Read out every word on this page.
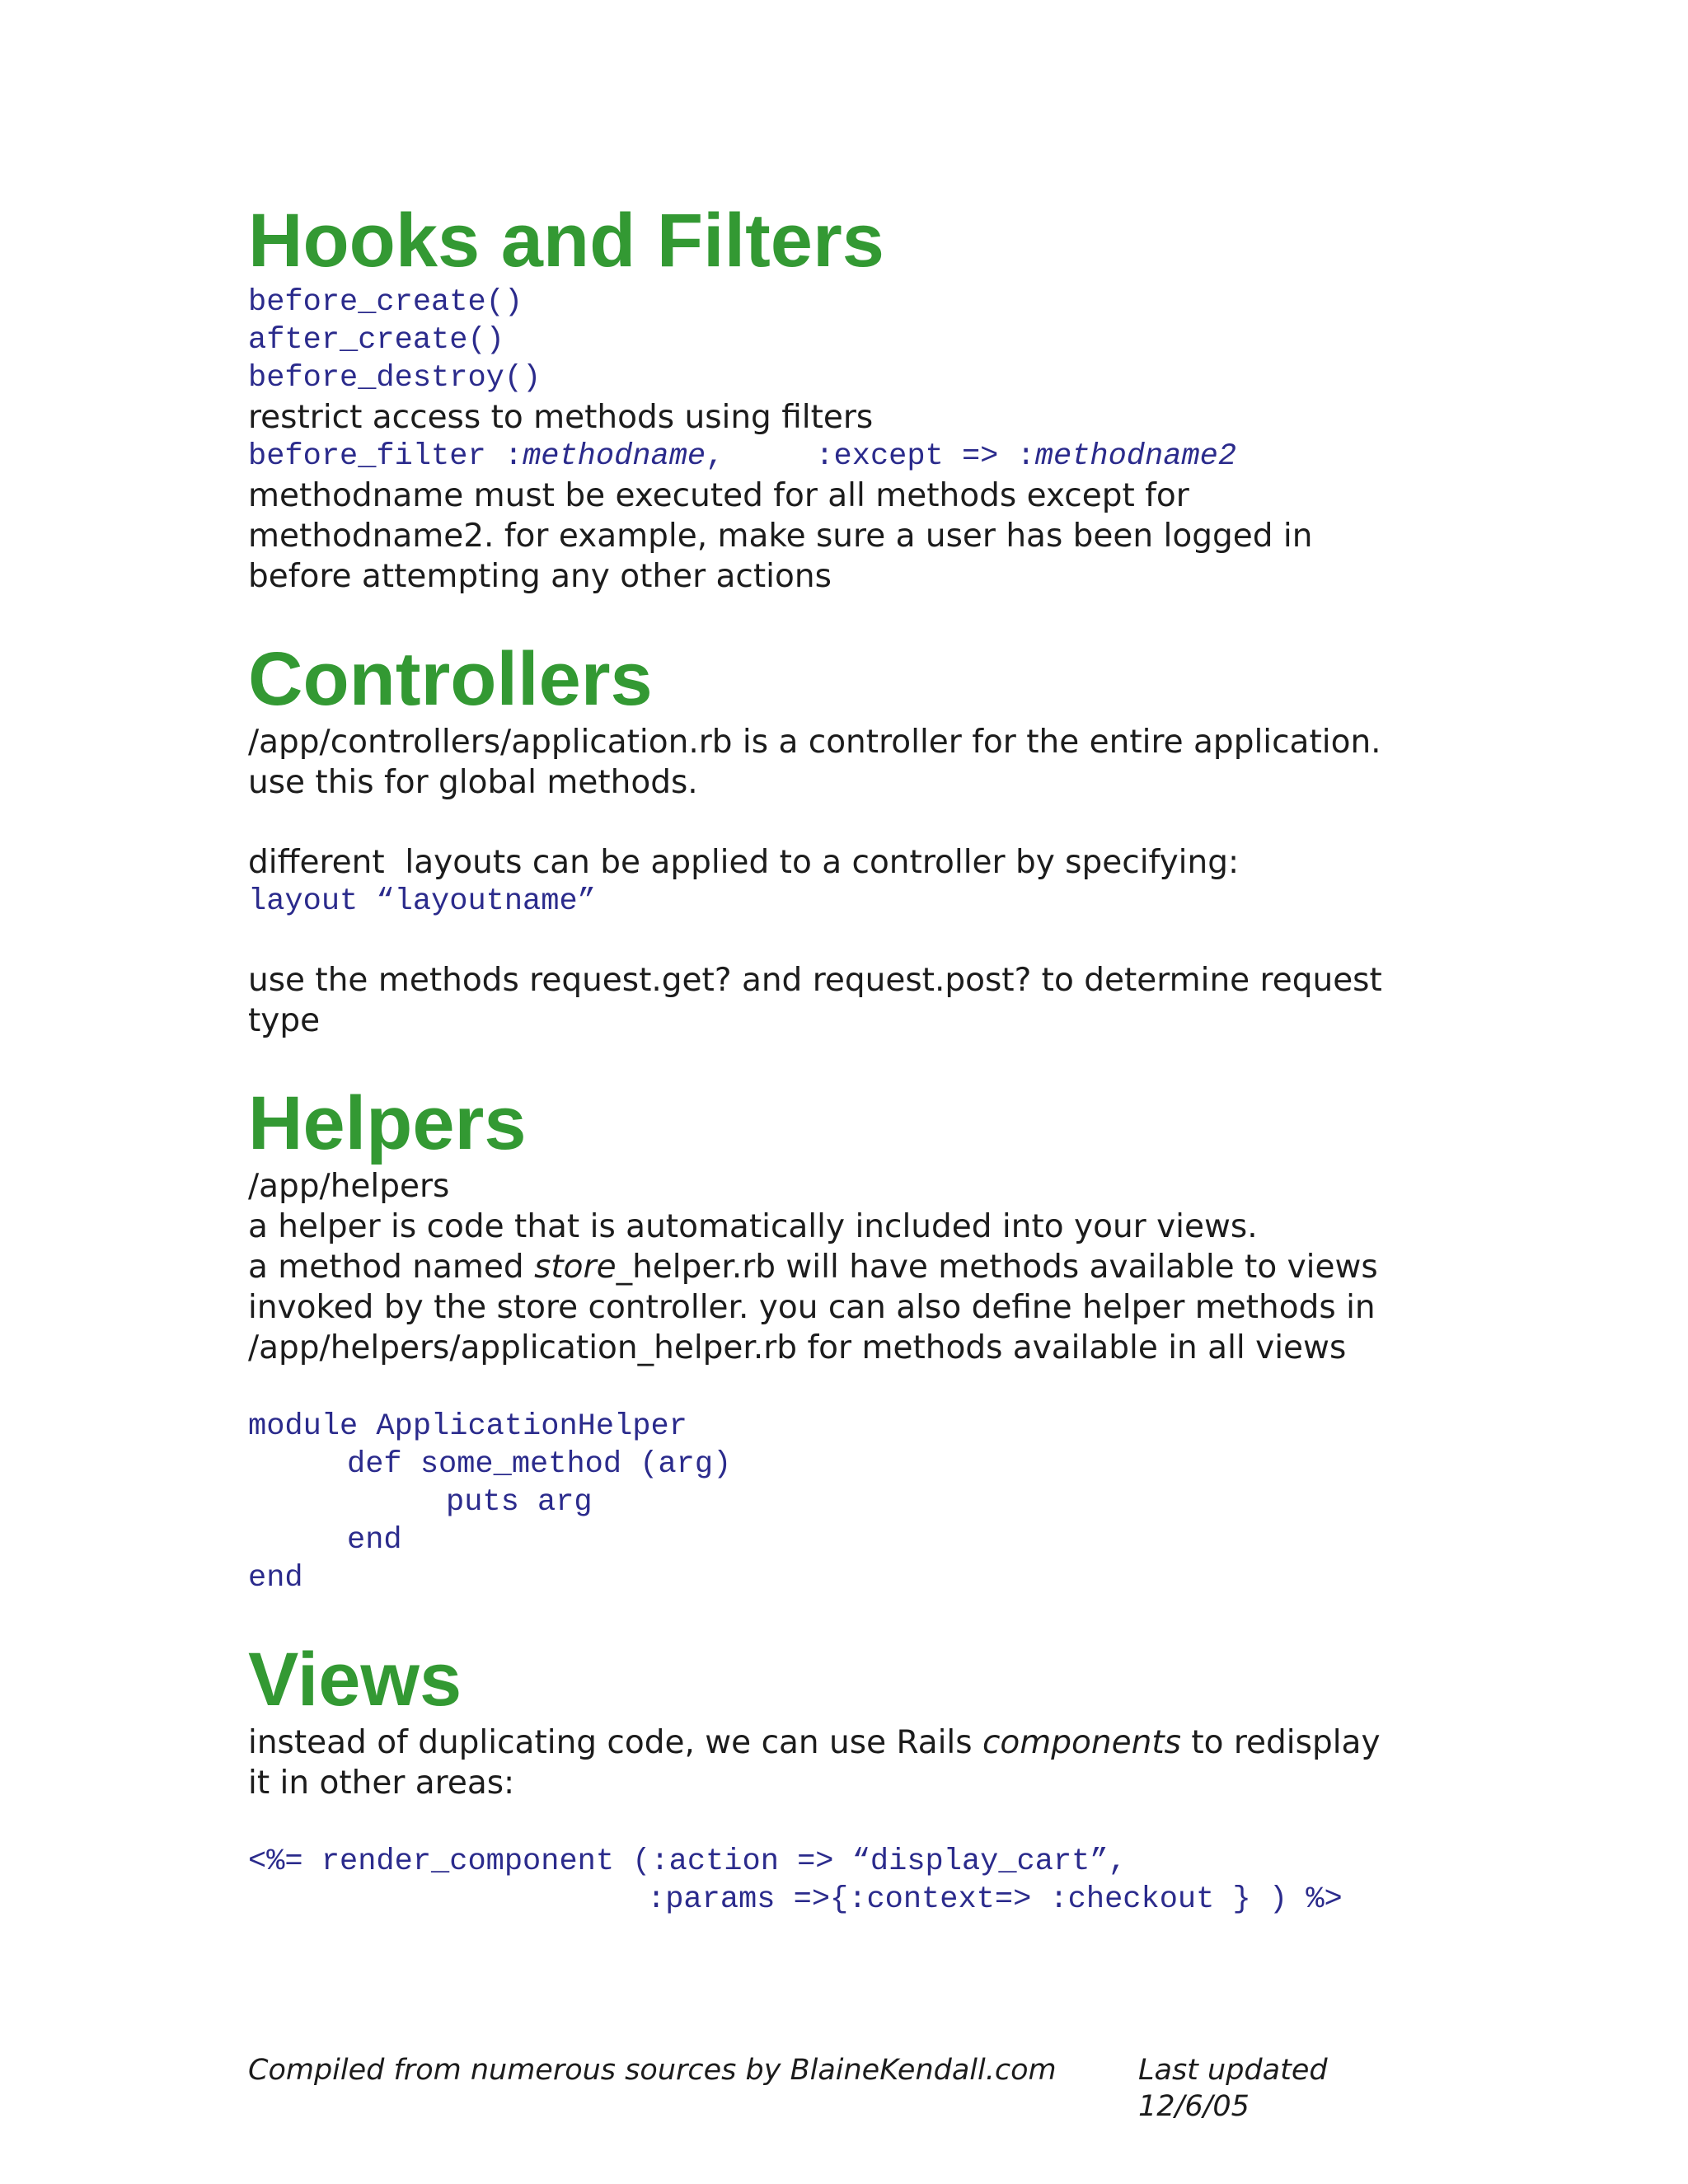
Hooks and Filters
before_create()
after_create()
before_destroy()

restrict access to methods using filters

before_filter :methodname,     :except => :methodname2

methodname must be executed for all methods except for

methodname2. for example, make sure a user has been logged in

before attempting any other actions

Controllers

/app/controllers/application.rb is a controller for the entire application.

use this for global methods.

different  layouts can be applied to a controller by specifying:

layout “layoutname”

use the methods request.get? and request.post? to determine request

type

Helpers

/app/helpers

a helper is code that is automatically included into your views.

a method named store_helper.rb will have methods available to views

invoked by the store controller. you can also define helper methods in

/app/helpers/application_helper.rb for methods available in all views

module ApplicationHelper
def some_method (arg)
puts arg
end
end
Views

instead of duplicating code, we can use Rails components to redisplay

it in other areas:

<%= render_component (:action => “display_cart”,
:params =>{:context=> :checkout } ) %>
Compiled from numerous sources by BlaineKendall.com	Last updated 12/6/05
